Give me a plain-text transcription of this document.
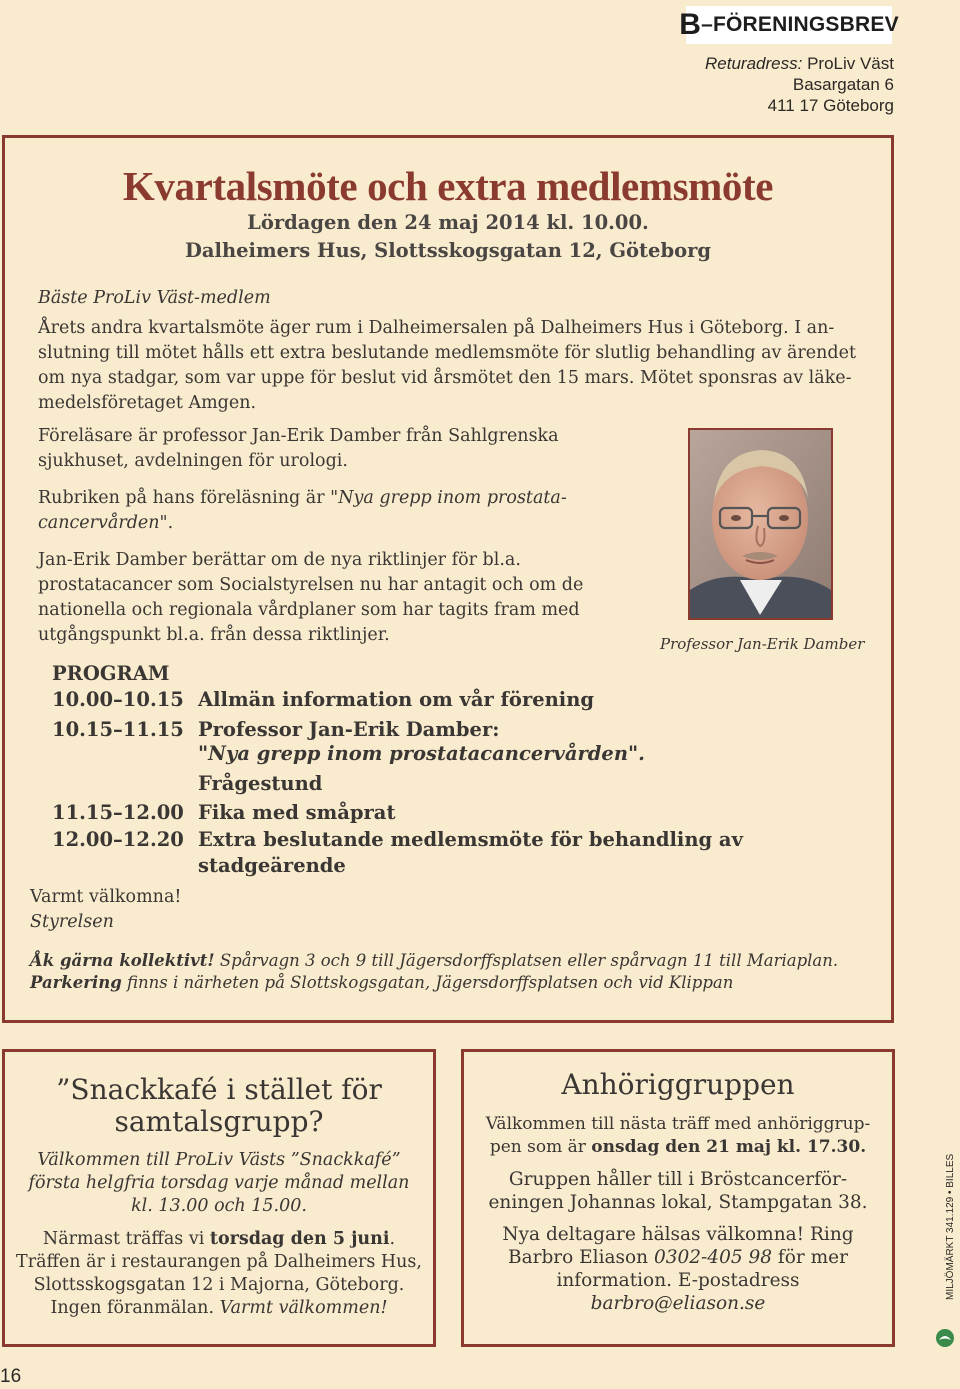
B –FÖRENINGSBREV
Returadress: ProLiv Väst
Basargatan 6
411 17 Göteborg
Kvartalsmöte och extra medlemsmöte
Lördagen den 24 maj 2014 kl. 10.00.
Dalheimers Hus, Slottsskogsgatan 12, Göteborg
Bäste ProLiv Väst-medlem
Årets andra kvartalsmöte äger rum i Dalheimersalen på Dalheimers Hus i Göteborg. I an-
slutning till mötet hålls ett extra beslutande medlemsmöte för slutlig behandling av ärendet
om nya stadgar, som var uppe för beslut vid årsmötet den 15 mars. Mötet sponsras av läke-
medelsföretaget Amgen.
Föreläsare är professor Jan-Erik Damber från Sahlgrenska
sjukhuset, avdelningen för urologi.
Rubriken på hans föreläsning är "Nya grepp inom prostata-
cancervården".
Jan-Erik Damber berättar om de nya riktlinjer för bl.a.
prostatacancer som Socialstyrelsen nu har antagit och om de
nationella och regionala vårdplaner som har tagits fram med
utgångspunkt bl.a. från dessa riktlinjer.	Professor Jan-Erik Damber
PROGRAM
10.00–10.15 Allmän information om vår förening
10.15–11.15 Professor Jan-Erik Damber:
"Nya grepp inom prostatacancervården".
Frågestund
11.15–12.00 Fika med småprat
12.00–12.20 Extra beslutande medlemsmöte för behandling av
stadgeärende
Varmt välkomna!
Styrelsen
Åk gärna kollektivt! Spårvagn 3 och 9 till Jägersdorffsplatsen eller spårvagn 11 till Mariaplan.
Parkering finns i närheten på Slottskogsgatan, Jägersdorffsplatsen och vid Klippan
”Snackkafé i stället för
samtalsgrupp?
Välkommen till ProLiv Västs ”Snackkafé”
första helgfria torsdag varje månad mellan
kl. 13.00 och 15.00.
Närmast träffas vi torsdag den 5 juni.
Träffen är i restaurangen på Dalheimers Hus,
Slottsskogsgatan 12 i Majorna, Göteborg.
Ingen föranmälan. Varmt välkommen!
Anhöriggruppen
Välkommen till nästa träff med anhöriggrup-
pen som är onsdag den 21 maj kl. 17.30.
Gruppen håller till i Bröstcancerför-
eningen Johannas lokal, Stampgatan 38.
Nya deltagare hälsas välkomna! Ring
Barbro Eliason 0302-405 98 för mer
information. E-postadress
barbro@eliason.se
16
MILJÖMÄRKT 341.129 • BILLES
